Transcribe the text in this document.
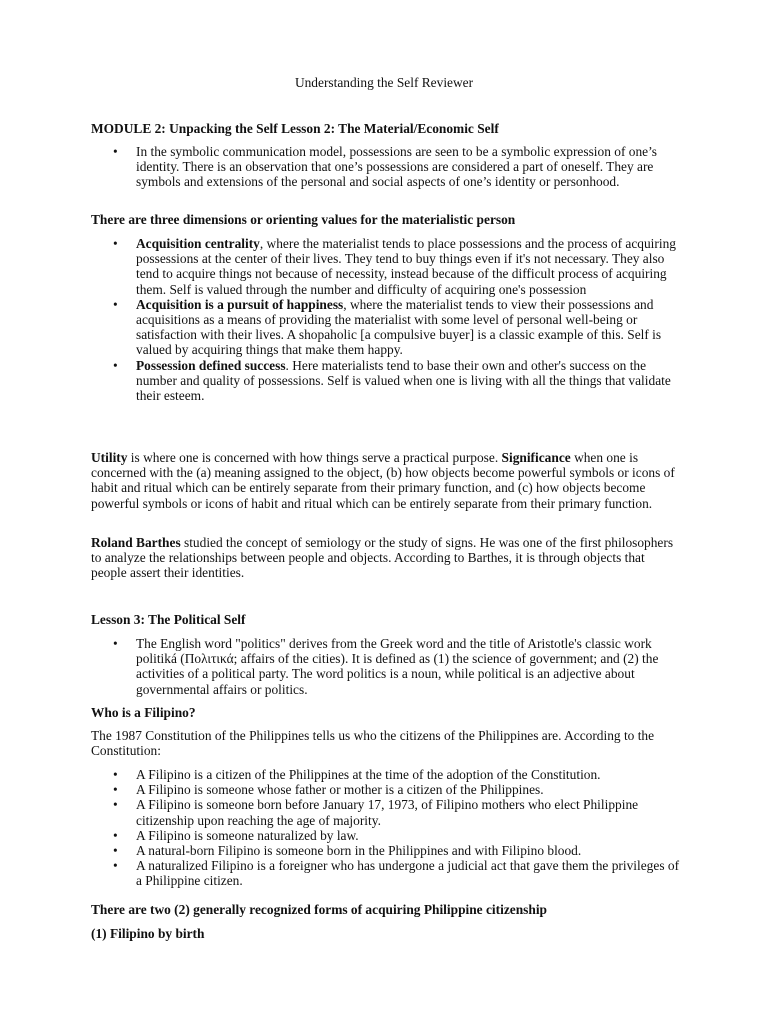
Understanding the Self Reviewer

MODULE 2: Unpacking the Self Lesson 2: The Material/Economic Self

• In the symbolic communication model, possessions are seen to be a symbolic expression of one’s identity. There is an observation that one’s possessions are considered a part of oneself. They are symbols and extensions of the personal and social aspects of one’s identity or personhood.

There are three dimensions or orienting values for the materialistic person

• Acquisition centrality, where the materialist tends to place possessions and the process of acquiring possessions at the center of their lives. They tend to buy things even if it's not necessary. They also tend to acquire things not because of necessity, instead because of the difficult process of acquiring them. Self is valued through the number and difficulty of acquiring one's possession
• Acquisition is a pursuit of happiness, where the materialist tends to view their possessions and acquisitions as a means of providing the materialist with some level of personal well-being or satisfaction with their lives. A shopaholic [a compulsive buyer] is a classic example of this. Self is valued by acquiring things that make them happy.
• Possession defined success. Here materialists tend to base their own and other's success on the number and quality of possessions. Self is valued when one is living with all the things that validate their esteem.

Utility is where one is concerned with how things serve a practical purpose. Significance when one is concerned with the (a) meaning assigned to the object, (b) how objects become powerful symbols or icons of habit and ritual which can be entirely separate from their primary function, and (c) how objects become powerful symbols or icons of habit and ritual which can be entirely separate from their primary function.

Roland Barthes studied the concept of semiology or the study of signs. He was one of the first philosophers to analyze the relationships between people and objects. According to Barthes, it is through objects that people assert their identities.

Lesson 3: The Political Self

• The English word "politics" derives from the Greek word and the title of Aristotle's classic work politiká (Πολιτικά; affairs of the cities). It is defined as (1) the science of government; and (2) the activities of a political party. The word politics is a noun, while political is an adjective about governmental affairs or politics.

Who is a Filipino?

The 1987 Constitution of the Philippines tells us who the citizens of the Philippines are. According to the Constitution:

• A Filipino is a citizen of the Philippines at the time of the adoption of the Constitution.
• A Filipino is someone whose father or mother is a citizen of the Philippines.
• A Filipino is someone born before January 17, 1973, of Filipino mothers who elect Philippine citizenship upon reaching the age of majority.
• A Filipino is someone naturalized by law.
• A natural-born Filipino is someone born in the Philippines and with Filipino blood.
• A naturalized Filipino is a foreigner who has undergone a judicial act that gave them the privileges of a Philippine citizen.

There are two (2) generally recognized forms of acquiring Philippine citizenship

(1) Filipino by birth
